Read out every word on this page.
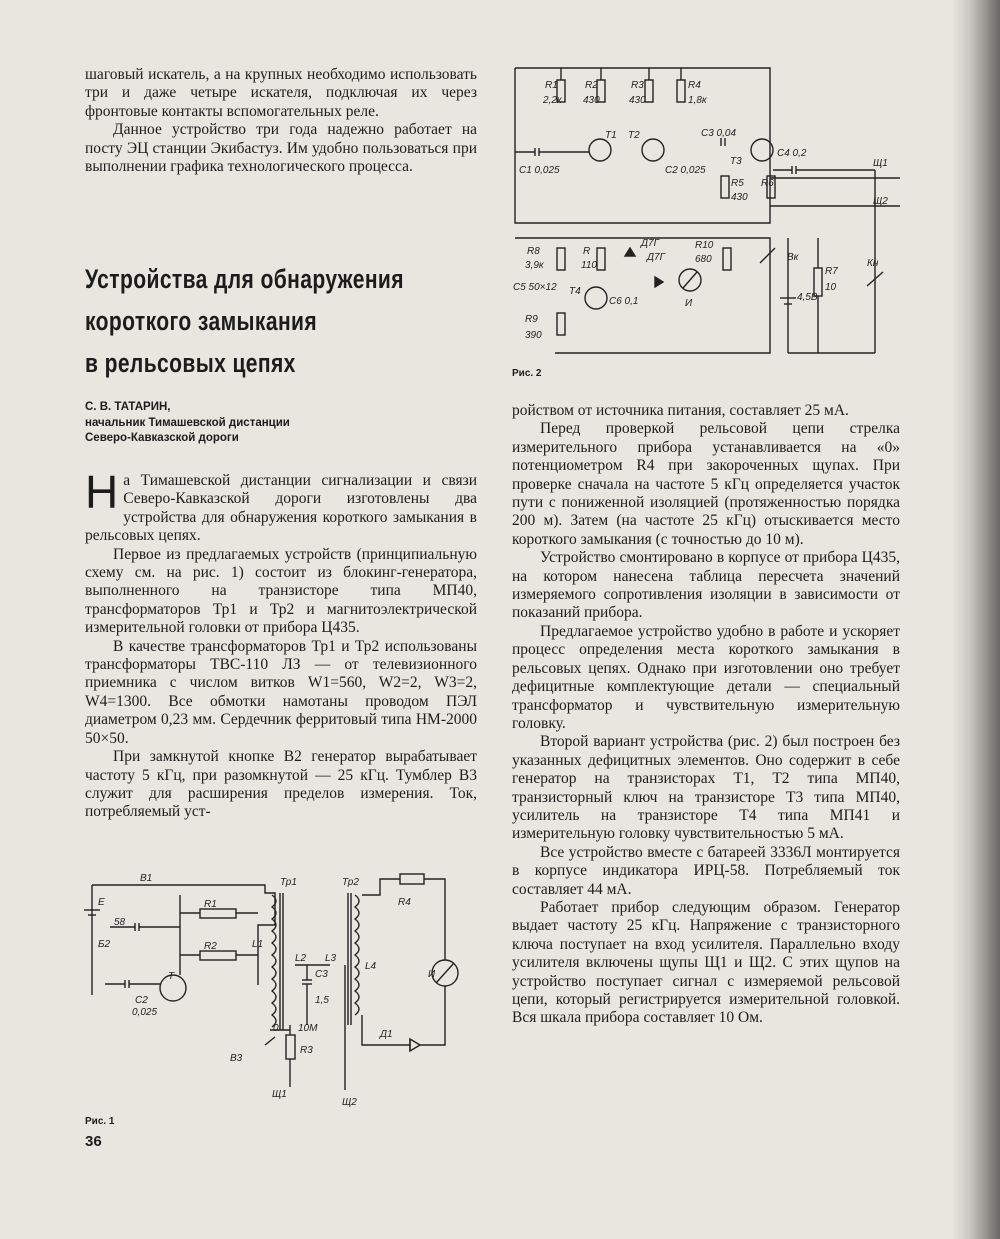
шаговый искатель, а на крупных необходимо использовать три и даже четыре искателя, подключая их через фронтовые контакты вспомогательных реле.

Данное устройство три года надежно работает на посту ЭЦ станции Экибастуз. Им удобно пользоваться при выполнении графика технологического процесса.

Устройства для обнаружения
короткого замыкания
в рельсовых цепях
С. В. ТАТАРИН,
начальник Тимашевской дистанции
Северо-Кавказской дороги

На Тимашевской дистанции сигнализации и связи Северо-Кавказской дороги изготовлены два устройства для обнаружения короткого замыкания в рельсовых цепях.

Первое из предлагаемых устройств (принципиальную схему см. на рис. 1) состоит из блокинг-генератора, выполненного на транзисторе типа МП40, трансформаторов Тр1 и Тр2 и магнитоэлектрической измерительной головки от прибора Ц435.

В качестве трансформаторов Тр1 и Тр2 использованы трансформаторы ТВС-110 ЛЗ — от телевизионного приемника с числом витков W1=560, W2=2, W3=2, W4=1300. Все обмотки намотаны проводом ПЭЛ диаметром 0,23 мм. Сердечник ферритовый типа НМ-2000 50×50.

При замкнутой кнопке В2 генератор вырабатывает частоту 5 кГц, при разомкнутой — 25 кГц. Тумблер В3 служит для расширения пределов измерения. Ток, потребляемый уст-

ройством от источника питания, составляет 25 мА.

Перед проверкой рельсовой цепи стрелка измерительного прибора устанавливается на «0» потенциометром R4 при закороченных щупах. При проверке сначала на частоте 5 кГц определяется участок пути с пониженной изоляцией (протяженностью порядка 200 м). Затем (на частоте 25 кГц) отыскивается место короткого замыкания (с точностью до 10 м).

Устройство смонтировано в корпусе от прибора Ц435, на котором нанесена таблица пересчета значений измеряемого сопротивления изоляции в зависимости от показаний прибора.

Предлагаемое устройство удобно в работе и ускоряет процесс определения места короткого замыкания в рельсовых цепях. Однако при изготовлении оно требует дефицитные комплектующие детали — специальный трансформатор и чувствительную измерительную головку.

Второй вариант устройства (рис. 2) был построен без указанных дефицитных элементов. Оно содержит в себе генератор на транзисторах Т1, Т2 типа МП40, транзисторный ключ на транзисторе Т3 типа МП40, усилитель на транзисторе Т4 типа МП41 и измерительную головку чувствительностью 5 мА.

Все устройство вместе с батареей 3336Л монтируется в корпусе индикатора ИРЦ-58. Потребляемый ток составляет 44 мА.

Работает прибор следующим образом. Генератор выдает частоту 25 кГц. Напряжение с транзисторного ключа поступает на вход усилителя. Параллельно входу усилителя включены щупы Щ1 и Щ2. С этих щупов на устройство поступает сигнал с измеряемой рельсовой цепи, который регистрируется измерительной головкой. Вся шкала прибора составляет 10 Ом.

R1
2,2к
R2
430
R3
430
R4
1,8к
Т1 Т2
Т3
С1 0,025	С2 0,025
С3 0,04
С4 0,2
R5
430
R6
Щ1
Щ2
R8
3,9к
R
110
Д7Г
Д7Г
R10
680
С5 50×12 Т4
С6 0,1	И
R9
390
Вк
4,5В
R7
10
Кн
Рис. 2
В1
E
58
Б2
Тр1	Тр2
R1
R2	L1
L2 L3
L4
Т
С2
0,025
С3
1,5
R4
R3
И
Д1
В3
Щ1
Щ2
10М
0
Рис. 1
36
